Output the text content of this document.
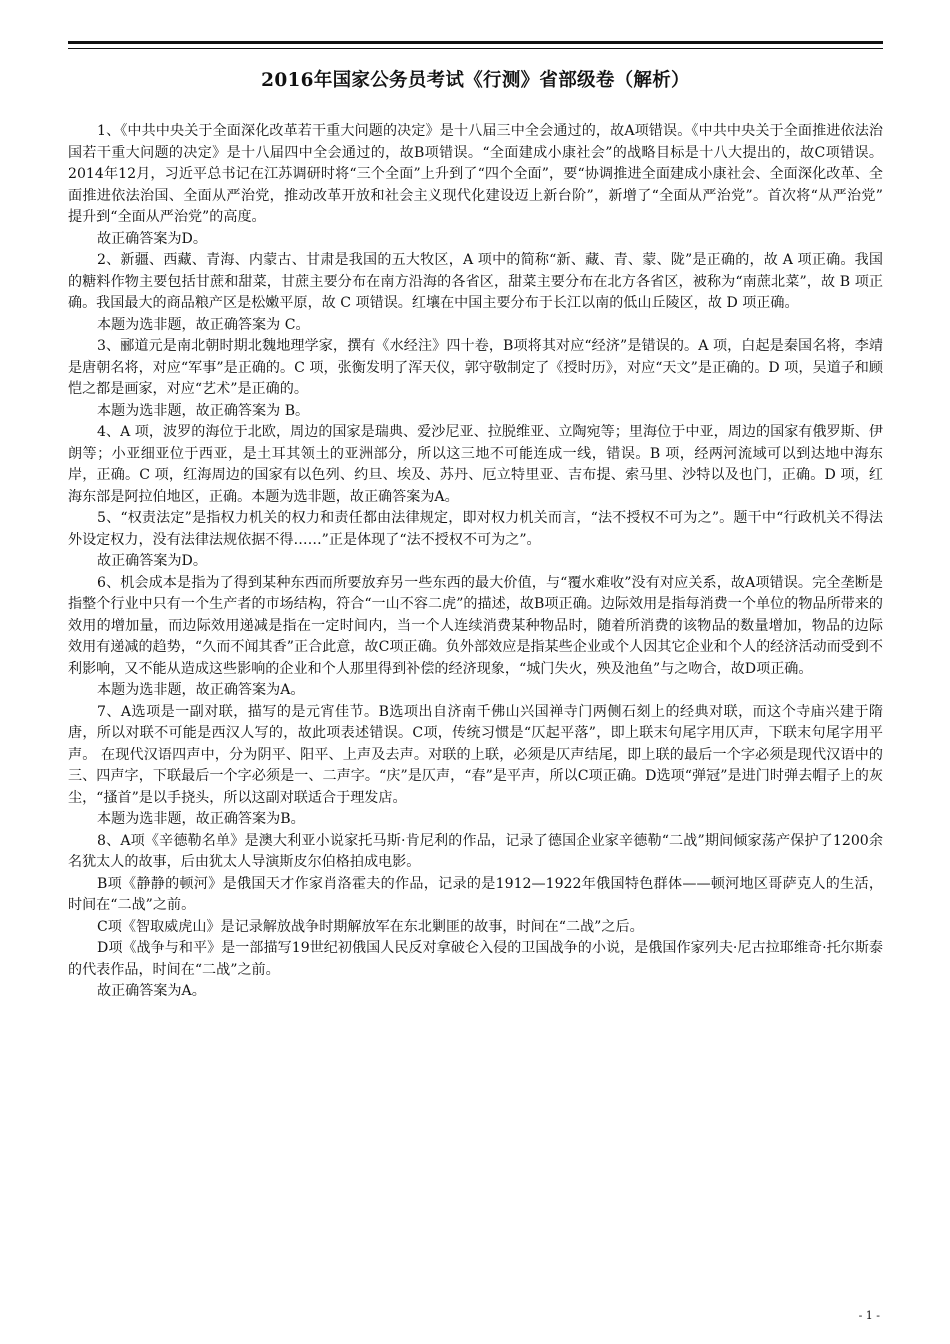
2016年国家公务员考试《行测》省部级卷（解析）

1、《中共中央关于全面深化改革若干重大问题的决定》是十八届三中全会通过的，故A项错误。《中共中央关于全面推进依法治国若干重大问题的决定》是十八届四中全会通过的，故B项错误。“全面建成小康社会”的战略目标是十八大提出的，故C项错误。2014年12月，习近平总书记在江苏调研时将“三个全面”上升到了“四个全面”，要“协调推进全面建成小康社会、全面深化改革、全面推进依法治国、全面从严治党，推动改革开放和社会主义现代化建设迈上新台阶”，新增了“全面从严治党”。首次将“从严治党” 提升到“全面从严治党”的高度。

故正确答案为D。

2、新疆、西藏、青海、内蒙古、甘肃是我国的五大牧区，A 项中的简称“新、藏、青、蒙、陇”是正确的，故 A 项正确。我国的糖料作物主要包括甘蔗和甜菜，甘蔗主要分布在南方沿海的各省区，甜菜主要分布在北方各省区，被称为“南蔗北菜”，故 B 项正确。我国最大的商品粮产区是松嫩平原，故 C 项错误。红壤在中国主要分布于长江以南的低山丘陵区，故 D 项正确。

本题为选非题，故正确答案为 C。

3、郦道元是南北朝时期北魏地理学家，撰有《水经注》四十卷，B项将其对应“经济”是错误的。A 项，白起是秦国名将，李靖是唐朝名将，对应“军事”是正确的。C 项，张衡发明了浑天仪，郭守敬制定了《授时历》，对应“天文”是正确的。D 项，吴道子和顾恺之都是画家，对应“艺术”是正确的。

本题为选非题，故正确答案为 B。

4、A 项，波罗的海位于北欧，周边的国家是瑞典、爱沙尼亚、拉脱维亚、立陶宛等；里海位于中亚，周边的国家有俄罗斯、伊朗等；小亚细亚位于西亚，是土耳其领土的亚洲部分，所以这三地不可能连成一线，错误。B 项，经两河流域可以到达地中海东岸，正确。C 项，红海周边的国家有以色列、约旦、埃及、苏丹、厄立特里亚、吉布提、索马里、沙特以及也门，正确。D 项，红海东部是阿拉伯地区，正确。本题为选非题，故正确答案为A。

5、“权责法定”是指权力机关的权力和责任都由法律规定，即对权力机关而言，“法不授权不可为之”。题干中“行政机关不得法外设定权力，没有法律法规依据不得……”正是体现了“法不授权不可为之”。

故正确答案为D。

6、机会成本是指为了得到某种东西而所要放弃另一些东西的最大价值，与“覆水难收”没有对应关系，故A项错误。完全垄断是指整个行业中只有一个生产者的市场结构，符合“一山不容二虎”的描述，故B项正确。边际效用是指每消费一个单位的物品所带来的效用的增加量，而边际效用递减是指在一定时间内，当一个人连续消费某种物品时，随着所消费的该物品的数量增加，物品的边际效用有递减的趋势，“久而不闻其香”正合此意，故C项正确。负外部效应是指某些企业或个人因其它企业和个人的经济活动而受到不利影响，又不能从造成这些影响的企业和个人那里得到补偿的经济现象，“城门失火，殃及池鱼”与之吻合，故D项正确。

本题为选非题，故正确答案为A。

7、A选项是一副对联，描写的是元宵佳节。B选项出自济南千佛山兴国禅寺门两侧石刻上的经典对联，而这个寺庙兴建于隋唐，所以对联不可能是西汉人写的，故此项表述错误。C项，传统习惯是“仄起平落”，即上联末句尾字用仄声，下联末句尾字用平声。 在现代汉语四声中，分为阴平、阳平、上声及去声。对联的上联，必须是仄声结尾，即上联的最后一个字必须是现代汉语中的三、四声字，下联最后一个字必须是一、二声字。“庆”是仄声，“春”是平声，所以C项正确。D选项“弹冠”是进门时弹去帽子上的灰尘，“搔首”是以手挠头，所以这副对联适合于理发店。

本题为选非题，故正确答案为B。

8、A项《辛德勒名单》是澳大利亚小说家托马斯·肯尼利的作品，记录了德国企业家辛德勒“二战”期间倾家荡产保护了1200余名犹太人的故事，后由犹太人导演斯皮尔伯格拍成电影。

B项《静静的顿河》是俄国天才作家肖洛霍夫的作品，记录的是1912—1922年俄国特色群体——顿河地区哥萨克人的生活，时间在“二战”之前。

C项《智取威虎山》是记录解放战争时期解放军在东北剿匪的故事，时间在“二战”之后。

D项《战争与和平》是一部描写19世纪初俄国人民反对拿破仑入侵的卫国战争的小说，是俄国作家列夫·尼古拉耶维奇·托尔斯泰的代表作品，时间在“二战”之前。

故正确答案为A。

- 1 -
